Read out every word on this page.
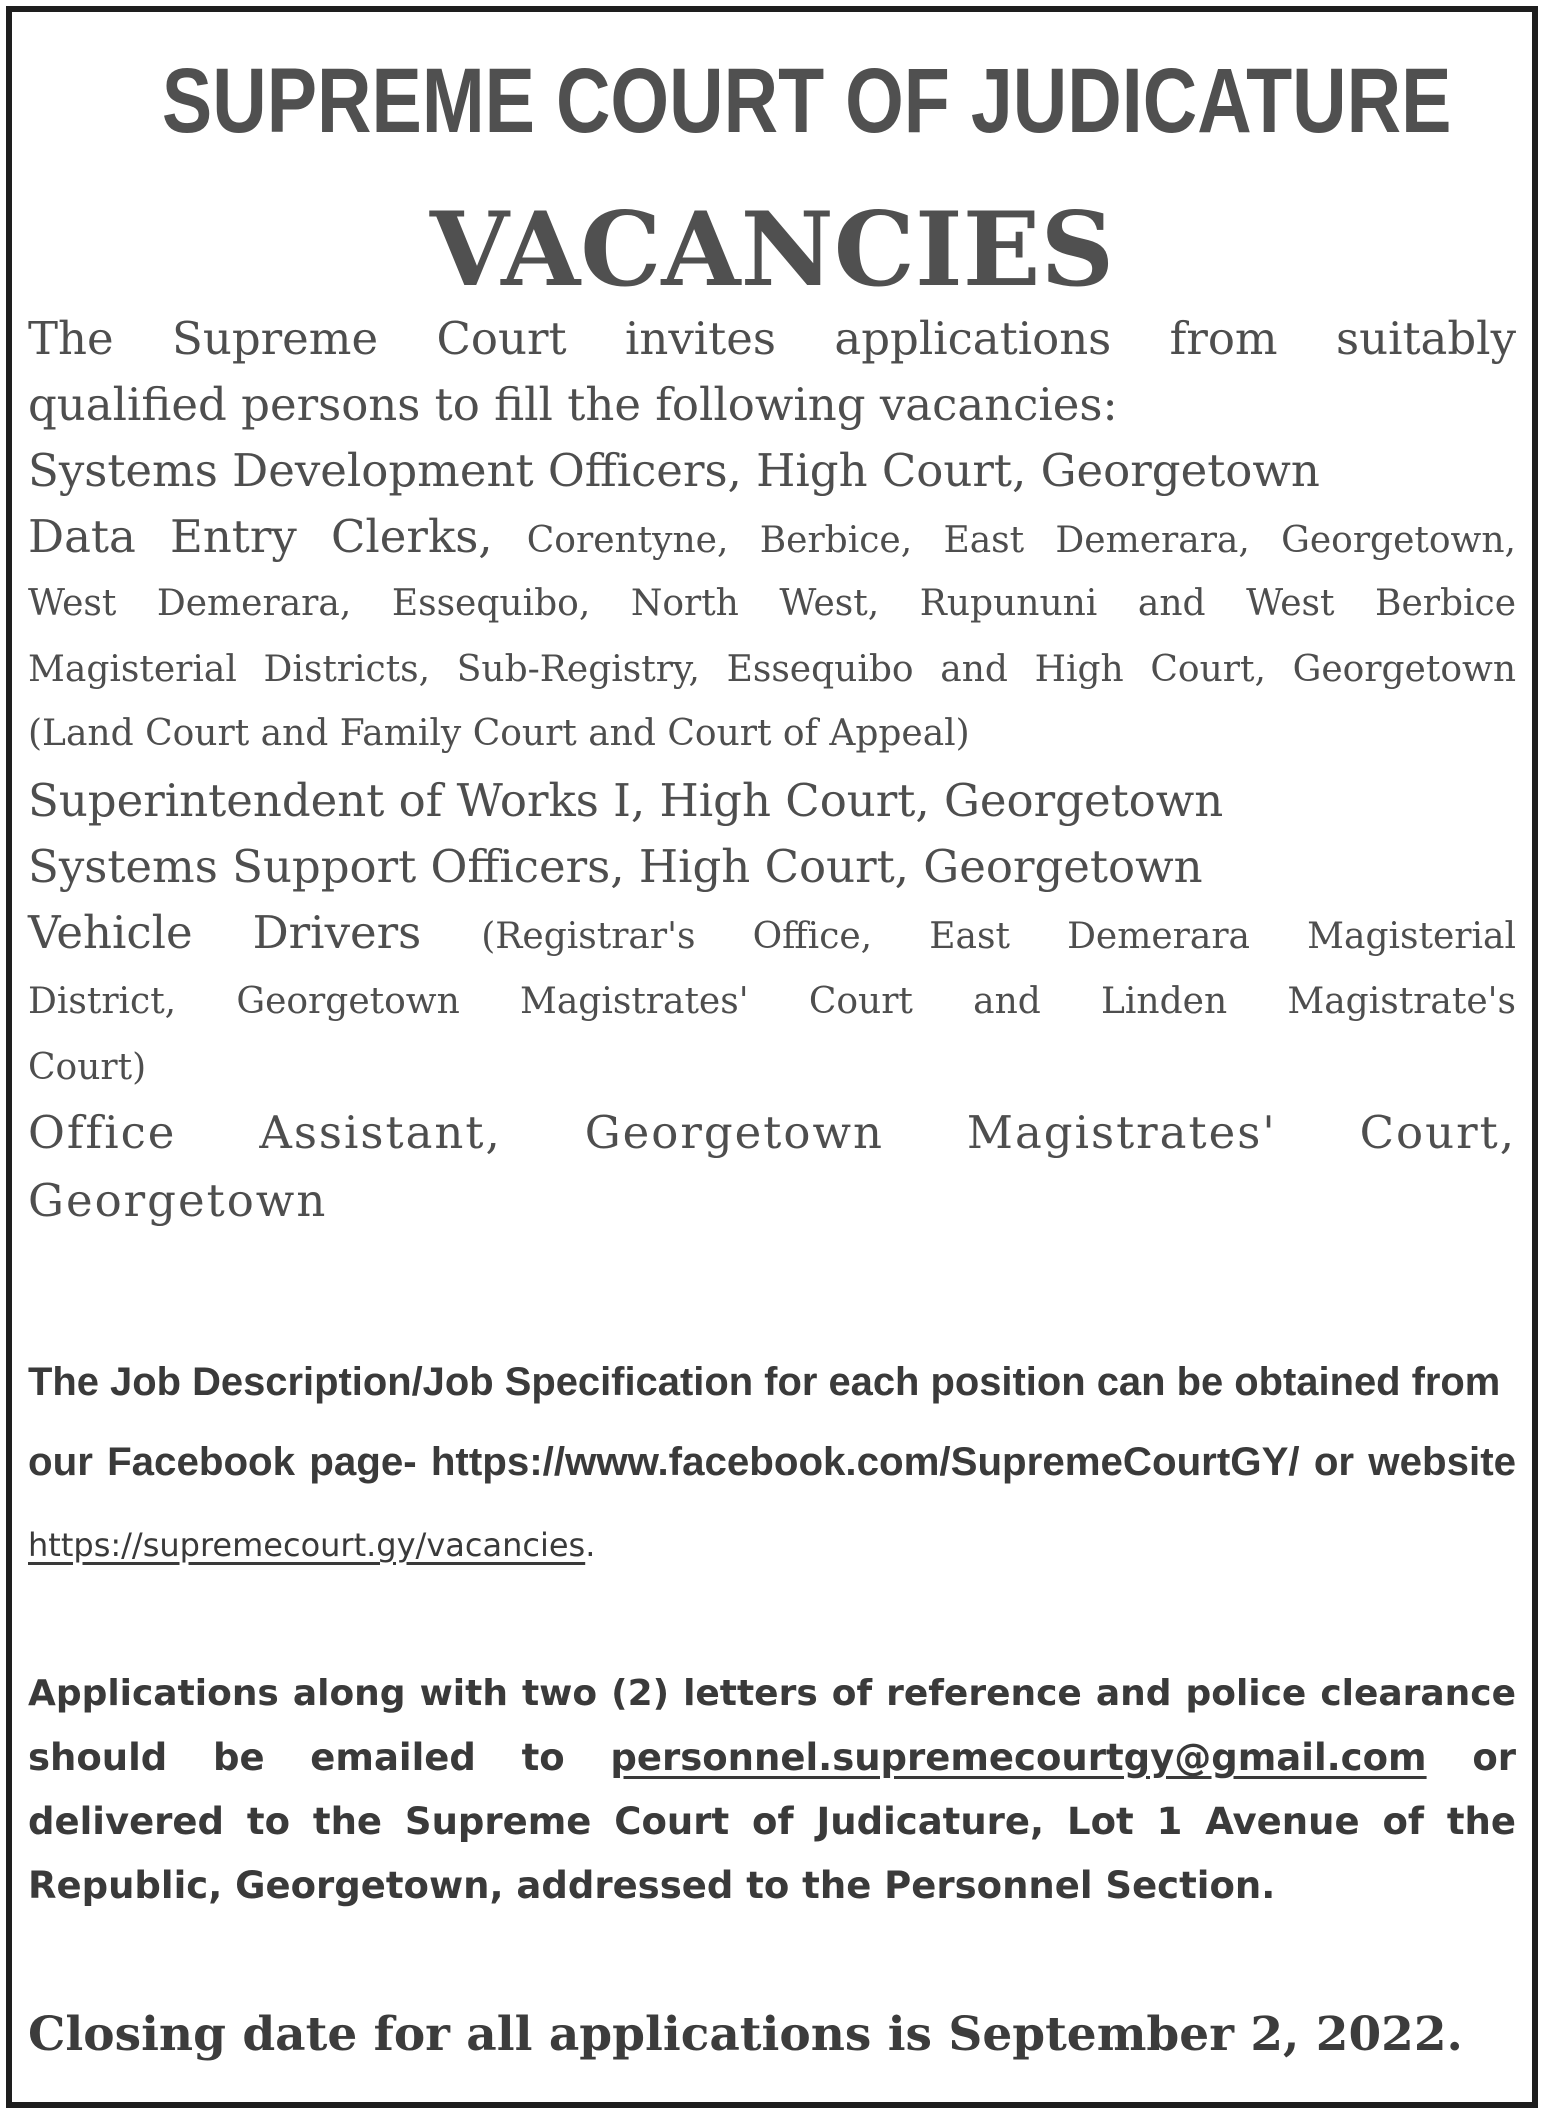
SUPREME COURT OF JUDICATURE
VACANCIES

The Supreme Court invites applications from suitably

qualified persons to fill the following vacancies:

Systems Development Officers, High Court, Georgetown

Data Entry Clerks, Corentyne, Berbice, East Demerara, Georgetown,

West Demerara, Essequibo, North West, Rupununi and West Berbice

Magisterial Districts, Sub-Registry, Essequibo and High Court, Georgetown

(Land Court and Family Court and Court of Appeal)

Superintendent of Works I, High Court, Georgetown

Systems Support Officers, High Court, Georgetown

Vehicle Drivers (Registrar's Office, East Demerara Magisterial

District, Georgetown Magistrates' Court and Linden Magistrate's

Court)

Office Assistant, Georgetown Magistrates' Court,

Georgetown

The Job Description/Job Specification for each position can be obtained from

our Facebook page- https://www.facebook.com/SupremeCourtGY/ or website

https://supremecourt.gy/vacancies.

Applications along with two (2) letters of reference and police clearance

should be emailed to personnel.supremecourtgy@gmail.com or

delivered to the Supreme Court of Judicature, Lot 1 Avenue of the

Republic, Georgetown, addressed to the Personnel Section.

Closing date for all applications is September 2, 2022.
